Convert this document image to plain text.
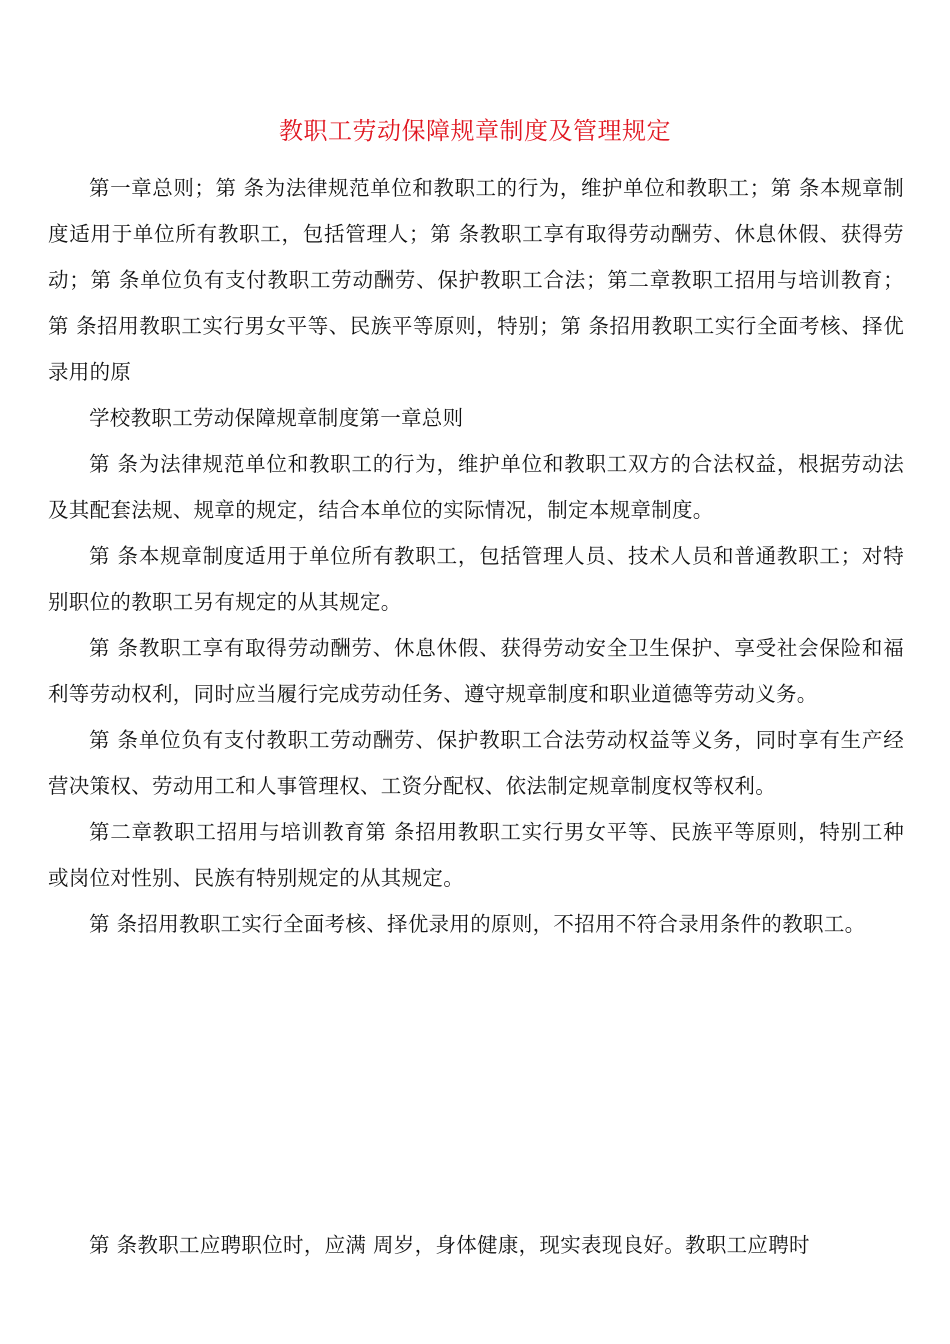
教职工劳动保障规章制度及管理规定

第一章总则；第 条为法律规范单位和教职工的行为，维护单位和教职工；第 条本规章制度适用于单位所有教职工，包括管理人；第 条教职工享有取得劳动酬劳、休息休假、获得劳动；第 条单位负有支付教职工劳动酬劳、保护教职工合法；第二章教职工招用与培训教育；第 条招用教职工实行男女平等、民族平等原则，特别；第 条招用教职工实行全面考核、择优录用的原

学校教职工劳动保障规章制度第一章总则

第 条为法律规范单位和教职工的行为，维护单位和教职工双方的合法权益，根据劳动法及其配套法规、规章的规定，结合本单位的实际情况，制定本规章制度。

第 条本规章制度适用于单位所有教职工，包括管理人员、技术人员和普通教职工；对特别职位的教职工另有规定的从其规定。

第 条教职工享有取得劳动酬劳、休息休假、获得劳动安全卫生保护、享受社会保险和福利等劳动权利，同时应当履行完成劳动任务、遵守规章制度和职业道德等劳动义务。

第 条单位负有支付教职工劳动酬劳、保护教职工合法劳动权益等义务，同时享有生产经营决策权、劳动用工和人事管理权、工资分配权、依法制定规章制度权等权利。

第二章教职工招用与培训教育第 条招用教职工实行男女平等、民族平等原则，特别工种或岗位对性别、民族有特别规定的从其规定。

第 条招用教职工实行全面考核、择优录用的原则，不招用不符合录用条件的教职工。

第 条教职工应聘职位时，应满 周岁，身体健康，现实表现良好。教职工应聘时
